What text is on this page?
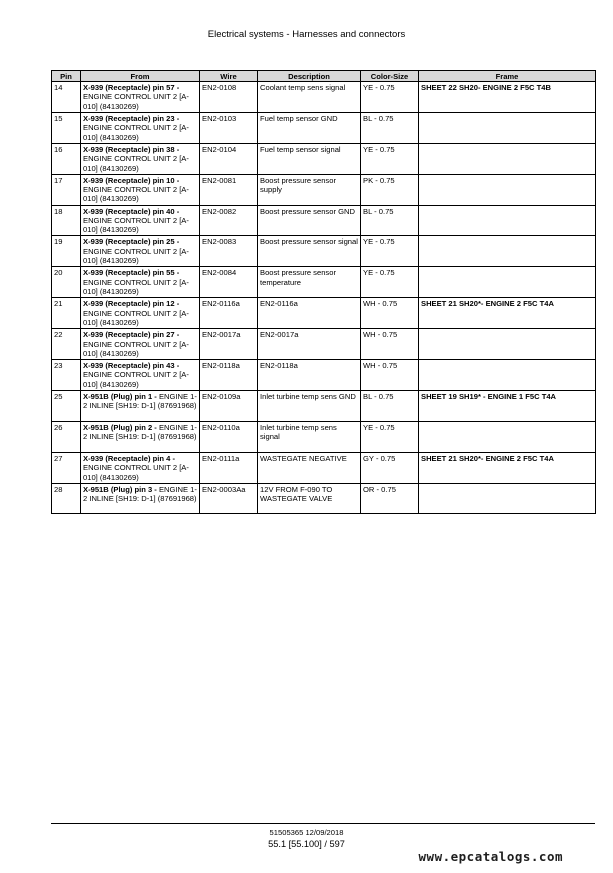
Electrical systems - Harnesses and connectors
Pin	From	Wire	Description	Color-Size	Frame
14	X-939 (Receptacle) pin 57 - ENGINE CONTROL UNIT 2 [A-010] (84130269)	EN2-0108	Coolant temp sens signal	YE - 0.75	SHEET 22 SH20- ENGINE 2 F5C T4B
15	X-939 (Receptacle) pin 23 - ENGINE CONTROL UNIT 2 [A-010] (84130269)	EN2-0103	Fuel temp sensor GND	BL - 0.75	
16	X-939 (Receptacle) pin 38 - ENGINE CONTROL UNIT 2 [A-010] (84130269)	EN2-0104	Fuel temp sensor signal	YE - 0.75	
17	X-939 (Receptacle) pin 10 - ENGINE CONTROL UNIT 2 [A-010] (84130269)	EN2-0081	Boost pressure sensor supply	PK - 0.75	
18	X-939 (Receptacle) pin 40 - ENGINE CONTROL UNIT 2 [A-010] (84130269)	EN2-0082	Boost pressure sensor GND	BL - 0.75	
19	X-939 (Receptacle) pin 25 - ENGINE CONTROL UNIT 2 [A-010] (84130269)	EN2-0083	Boost pressure sensor signal	YE - 0.75	
20	X-939 (Receptacle) pin 55 - ENGINE CONTROL UNIT 2 [A-010] (84130269)	EN2-0084	Boost pressure sensor temperature	YE - 0.75	
21	X-939 (Receptacle) pin 12 - ENGINE CONTROL UNIT 2 [A-010] (84130269)	EN2-0116a	EN2-0116a	WH - 0.75	SHEET 21 SH20*- ENGINE 2 F5C T4A
22	X-939 (Receptacle) pin 27 - ENGINE CONTROL UNIT 2 [A-010] (84130269)	EN2-0017a	EN2-0017a	WH - 0.75	
23	X-939 (Receptacle) pin 43 - ENGINE CONTROL UNIT 2 [A-010] (84130269)	EN2-0118a	EN2-0118a	WH - 0.75	
25	X-951B (Plug) pin 1 - ENGINE 1-2 INLINE [SH19: D-1] (87691968)	EN2-0109a	Inlet turbine temp sens GND	BL - 0.75	SHEET 19 SH19* - ENGINE 1 F5C T4A
26	X-951B (Plug) pin 2 - ENGINE 1-2 INLINE [SH19: D-1] (87691968)	EN2-0110a	Inlet turbine temp sens signal	YE - 0.75	
27	X-939 (Receptacle) pin 4 - ENGINE CONTROL UNIT 2 [A-010] (84130269)	EN2-0111a	WASTEGATE NEGATIVE	GY - 0.75	SHEET 21 SH20*- ENGINE 2 F5C T4A
28	X-951B (Plug) pin 3 - ENGINE 1-2 INLINE [SH19: D-1] (87691968)	EN2-0003Aa	12V FROM F-090 TO WASTEGATE VALVE	OR - 0.75	
51505365 12/09/2018
55.1 [55.100] / 597
www.epcatalogs.com
